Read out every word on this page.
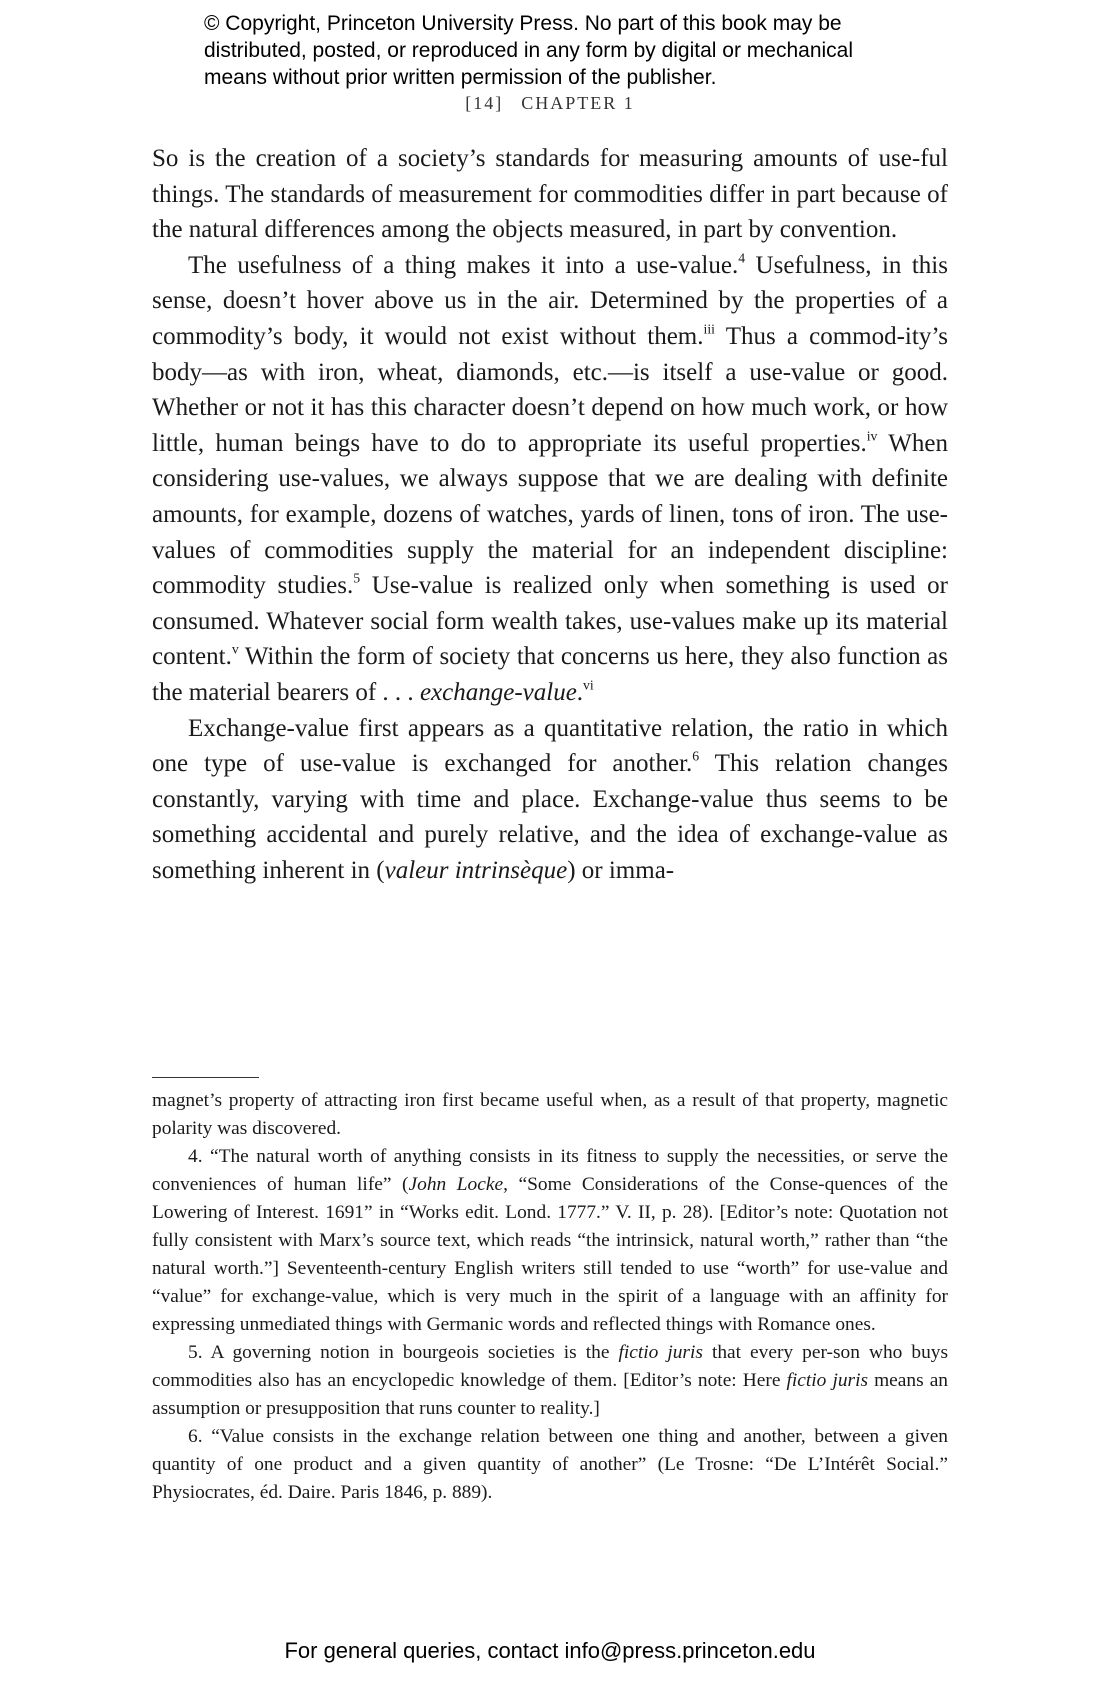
© Copyright, Princeton University Press. No part of this book may be
distributed, posted, or reproduced in any form by digital or mechanical
means without prior written permission of the publisher.
[14] CHAPTER 1

So is the creation of a society’s standards for measuring amounts of use-ful things. The standards of measurement for commodities differ in part because of the natural differences among the objects measured, in part by convention.

The usefulness of a thing makes it into a use-value.$^4$ Usefulness, in this sense, doesn’t hover above us in the air. Determined by the properties of a commodity’s body, it would not exist without them.$^{iii}$ Thus a commod-ity’s body—as with iron, wheat, diamonds, etc.—is itself a use-value or good. Whether or not it has this character doesn’t depend on how much work, or how little, human beings have to do to appropriate its useful properties.$^{iv}$ When considering use-values, we always suppose that we are dealing with definite amounts, for example, dozens of watches, yards of linen, tons of iron. The use-values of commodities supply the material for an independent discipline: commodity studies.$^5$ Use-value is realized only when something is used or consumed. Whatever social form wealth takes, use-values make up its material content.$^v$ Within the form of society that concerns us here, they also function as the material bearers of . . . exchange-value.$^{vi}$

Exchange-value first appears as a quantitative relation, the ratio in which one type of use-value is exchanged for another.$^6$ This relation changes constantly, varying with time and place. Exchange-value thus seems to be something accidental and purely relative, and the idea of exchange-value as something inherent in (valeur intrinsèque) or imma-

magnet’s property of attracting iron first became useful when, as a result of that property, magnetic polarity was discovered.

4. “The natural worth of anything consists in its fitness to supply the necessities, or serve the conveniences of human life” (John Locke, “Some Considerations of the Conse-quences of the Lowering of Interest. 1691” in “Works edit. Lond. 1777.” V. II, p. 28). [Editor’s note: Quotation not fully consistent with Marx’s source text, which reads “the intrinsick, natural worth,” rather than “the natural worth.”] Seventeenth-century English writers still tended to use “worth” for use-value and “value” for exchange-value, which is very much in the spirit of a language with an affinity for expressing unmediated things with Germanic words and reflected things with Romance ones.

5. A governing notion in bourgeois societies is the fictio juris that every per-son who buys commodities also has an encyclopedic knowledge of them. [Editor’s note: Here fictio juris means an assumption or presupposition that runs counter to reality.]

6. “Value consists in the exchange relation between one thing and another, between a given quantity of one product and a given quantity of another” (Le Trosne: “De L’Intérêt Social.” Physiocrates, éd. Daire. Paris 1846, p. 889).

For general queries, contact info@press.princeton.edu
